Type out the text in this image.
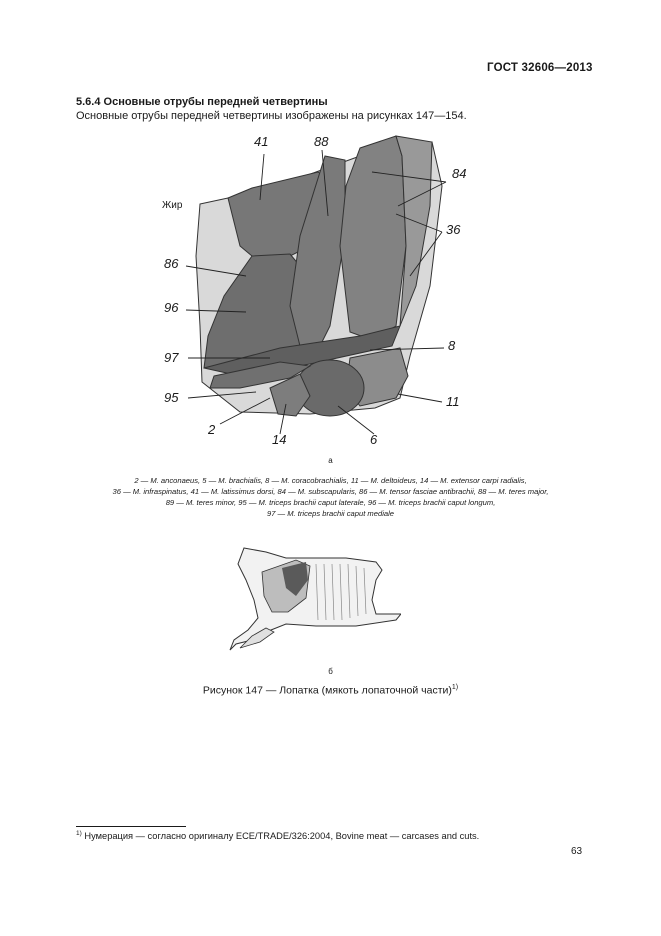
ГОСТ 32606—2013
5.6.4 Основные отрубы передней четвертины
Основные отрубы передней четвертины изображены на рисунках 147—154.
41	88
84
Жир
36
86
96
8
97
95	11
2
14	6
а
2 — M. anconaeus, 5 — M. brachialis, 8 — M. coracobrachialis, 11 — M. deltoideus, 14 — M. extensor carpi radialis,
36 — M. infraspinatus, 41 — M. latissimus dorsi, 84 — M. subscapularis, 86 — M. tensor fasciae antibrachii, 88 — M. teres major,
89 — M. teres minor, 95 — M. triceps brachii caput laterale, 96 — M. triceps brachii caput longum,
97 — M. triceps brachii caput mediale
б
Рисунок 147 — Лопатка (мякоть лопаточной части)$^{1)}$
$^{1)}$ Нумерация — согласно оригиналу ECE/TRADE/326:2004, Bovine meat — carcases and cuts.
63
